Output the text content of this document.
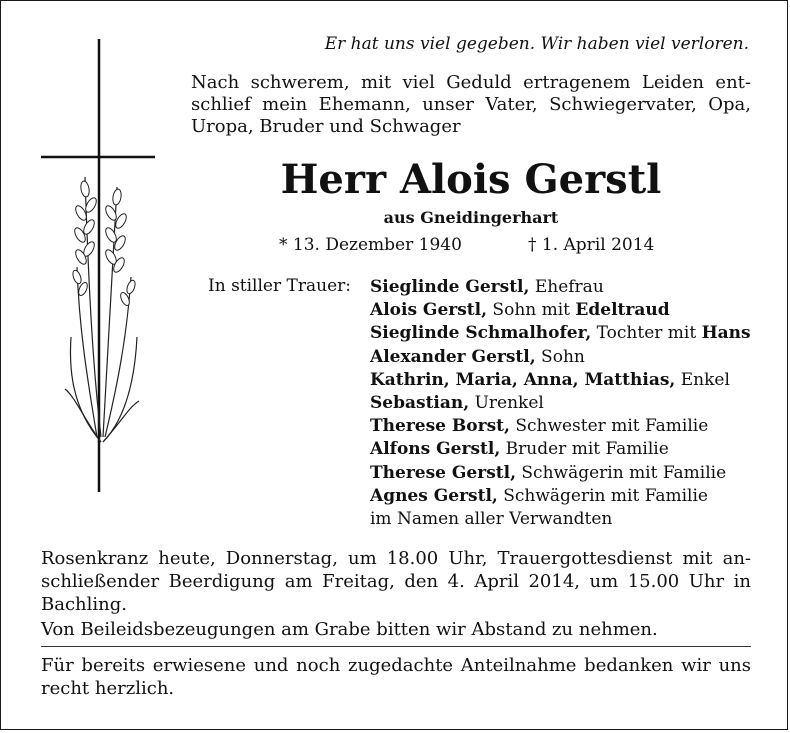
Er hat uns viel gegeben. Wir haben viel verloren.
Nach schwerem, mit viel Geduld ertragenem Leiden ent-
schlief mein Ehemann, unser Vater, Schwiegervater, Opa,
Uropa, Bruder und Schwager
Herr Alois Gerstl
aus Gneidingerhart
* 13. Dezember 1940	† 1. April 2014
In stiller Trauer: Sieglinde Gerstl, Ehefrau
Alois Gerstl, Sohn mit Edeltraud
Sieglinde Schmalhofer, Tochter mit Hans
Alexander Gerstl, Sohn
Kathrin, Maria, Anna, Matthias, Enkel
Sebastian, Urenkel
Therese Borst, Schwester mit Familie
Alfons Gerstl, Bruder mit Familie
Therese Gerstl, Schwägerin mit Familie
Agnes Gerstl, Schwägerin mit Familie
im Namen aller Verwandten
Rosenkranz heute, Donnerstag, um 18.00 Uhr, Trauergottesdienst mit an-
schließender Beerdigung am Freitag, den 4. April 2014, um 15.00 Uhr in
Bachling.
Von Beileidsbezeugungen am Grabe bitten wir Abstand zu nehmen.
Für bereits erwiesene und noch zugedachte Anteilnahme bedanken wir uns
recht herzlich.
